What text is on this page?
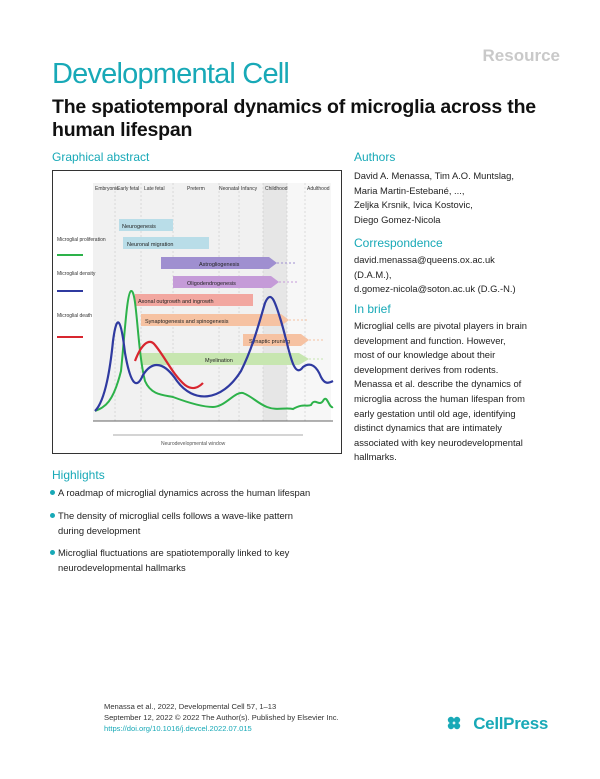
Resource
Developmental Cell
The spatiotemporal dynamics of microglia across the human lifespan
Graphical abstract
Embryonic
Early fetal Late fetal	Preterm	Neonatal Infancy Childhood	Adulthood
Microglial proliferation
Microglial density
Microglial death
Neurogenesis
Neuronal migration
Astrogliogenesis
Oligodendrogenesis
Axonal outgrowth and ingrowth
Synaptogenesis and spinogenesis
Synaptic pruning
Myelination
Neurodevelopmental window
Authors
David A. Menassa, Tim A.O. Muntslag,
Maria Martin-Estebané, ...,
Zeljka Krsnik, Ivica Kostovic,
Diego Gomez-Nicola
Correspondence
david.menassa@queens.ox.ac.uk
(D.A.M.),
d.gomez-nicola@soton.ac.uk (D.G.-N.)
In brief
Microglial cells are pivotal players in brain
development and function. However,
most of our knowledge about their
development derives from rodents.
Menassa et al. describe the dynamics of
microglia across the human lifespan from
early gestation until old age, identifying
distinct dynamics that are intimately
associated with key neurodevelopmental
hallmarks.
Highlights
A roadmap of microglial dynamics across the human lifespan
The density of microglial cells follows a wave-like pattern
during development
Microglial fluctuations are spatiotemporally linked to key
neurodevelopmental hallmarks
Menassa et al., 2022, Developmental Cell 57, 1–13
September 12, 2022 © 2022 The Author(s). Published by Elsevier Inc.
https://doi.org/10.1016/j.devcel.2022.07.015	CellPress
